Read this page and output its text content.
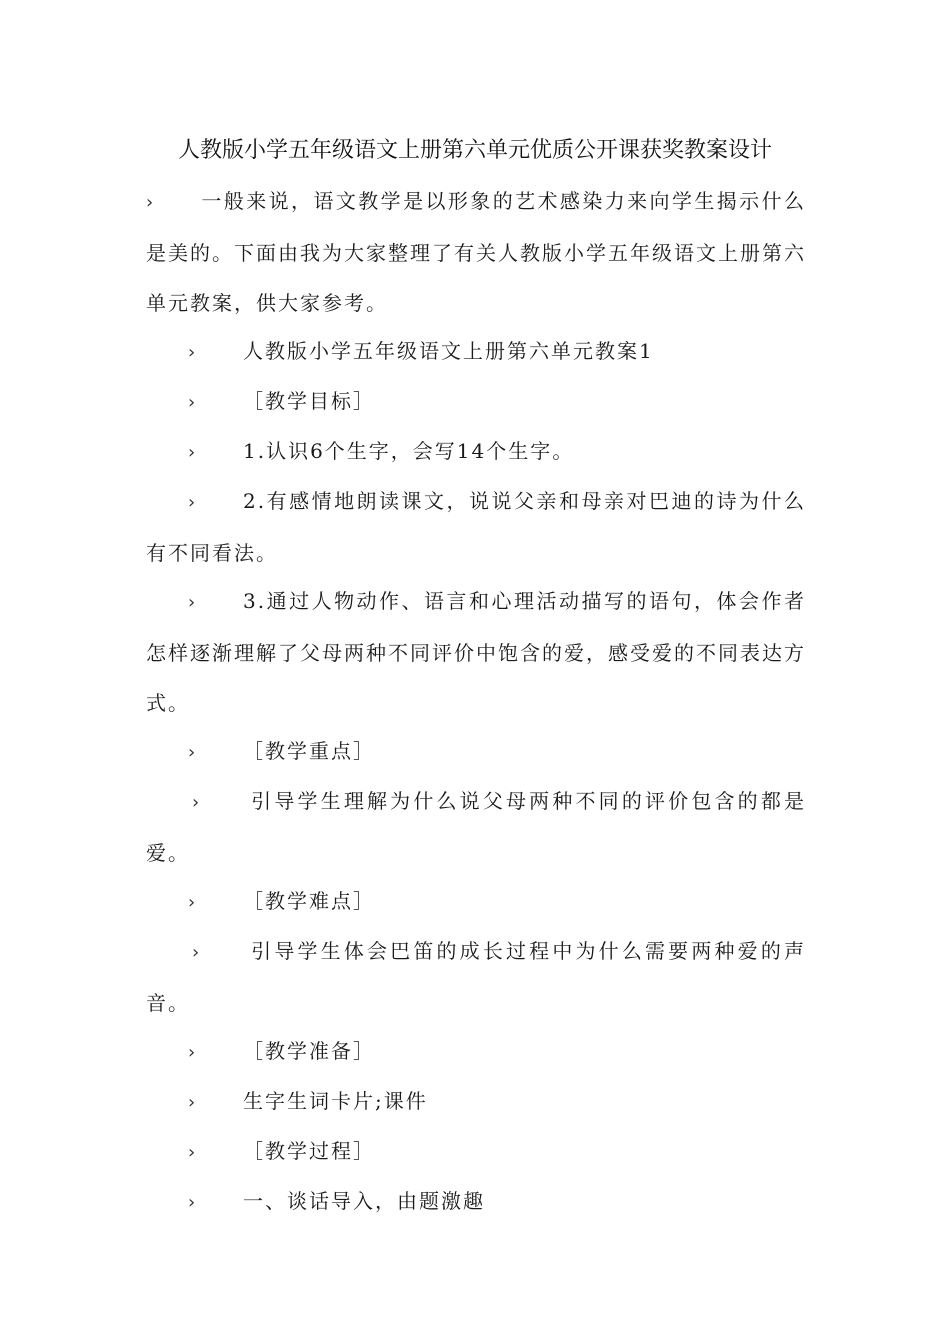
人教版小学五年级语文上册第六单元优质公开课获奖教案设计

› 一般来说，语文教学是以形象的艺术感染力来向学生揭示什么是美的。下面由我为大家整理了有关人教版小学五年级语文上册第六单元教案，供大家参考。

› 人教版小学五年级语文上册第六单元教案1

› ［教学目标］

› 1.认识6个生字，会写14个生字。

› 2.有感情地朗读课文，说说父亲和母亲对巴迪的诗为什么有不同看法。

› 3.通过人物动作、语言和心理活动描写的语句，体会作者怎样逐渐理解了父母两种不同评价中饱含的爱，感受爱的不同表达方式。

› ［教学重点］

› 引导学生理解为什么说父母两种不同的评价包含的都是爱。

› ［教学难点］

› 引导学生体会巴笛的成长过程中为什么需要两种爱的声音。

› ［教学准备］

› 生字生词卡片;课件

› ［教学过程］

› 一、谈话导入，由题激趣
